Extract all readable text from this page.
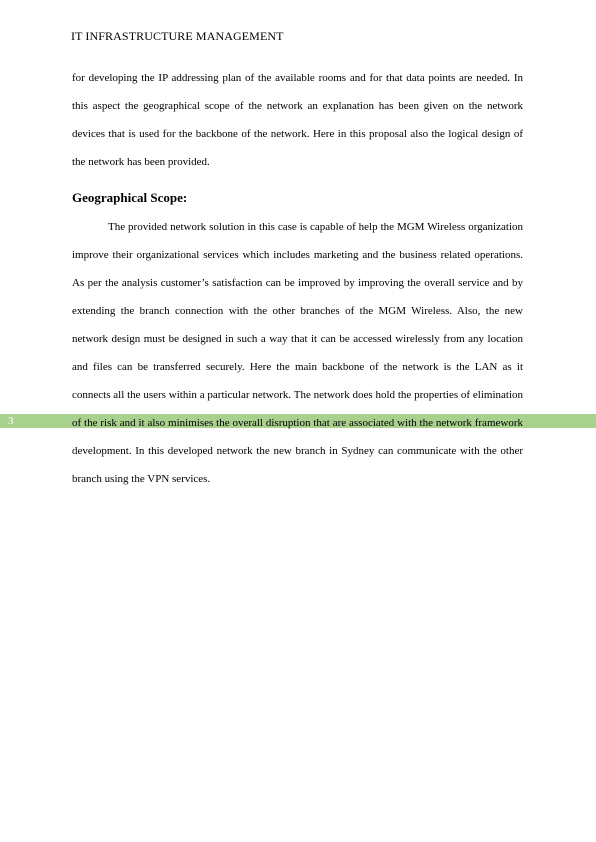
IT INFRASTRUCTURE MANAGEMENT
3

for developing the IP addressing plan of the available rooms and for that data points are needed. In this aspect the geographical scope of the network an explanation has been given on the network devices that is used for the backbone of the network. Here in this proposal also the logical design of the network has been provided.

Geographical Scope:

The provided network solution in this case is capable of help the MGM Wireless organization improve their organizational services which includes marketing and the business related operations. As per the analysis customer’s satisfaction can be improved by improving the overall service and by extending the branch connection with the other branches of the MGM Wireless. Also, the new network design must be designed in such a way that it can be accessed wirelessly from any location and files can be transferred securely. Here the main backbone of the network is the LAN as it connects all the users within a particular network. The network does hold the properties of elimination of the risk and it also minimises the overall disruption that are associated with the network framework development. In this developed network the new branch in Sydney can communicate with the other branch using the VPN services.
